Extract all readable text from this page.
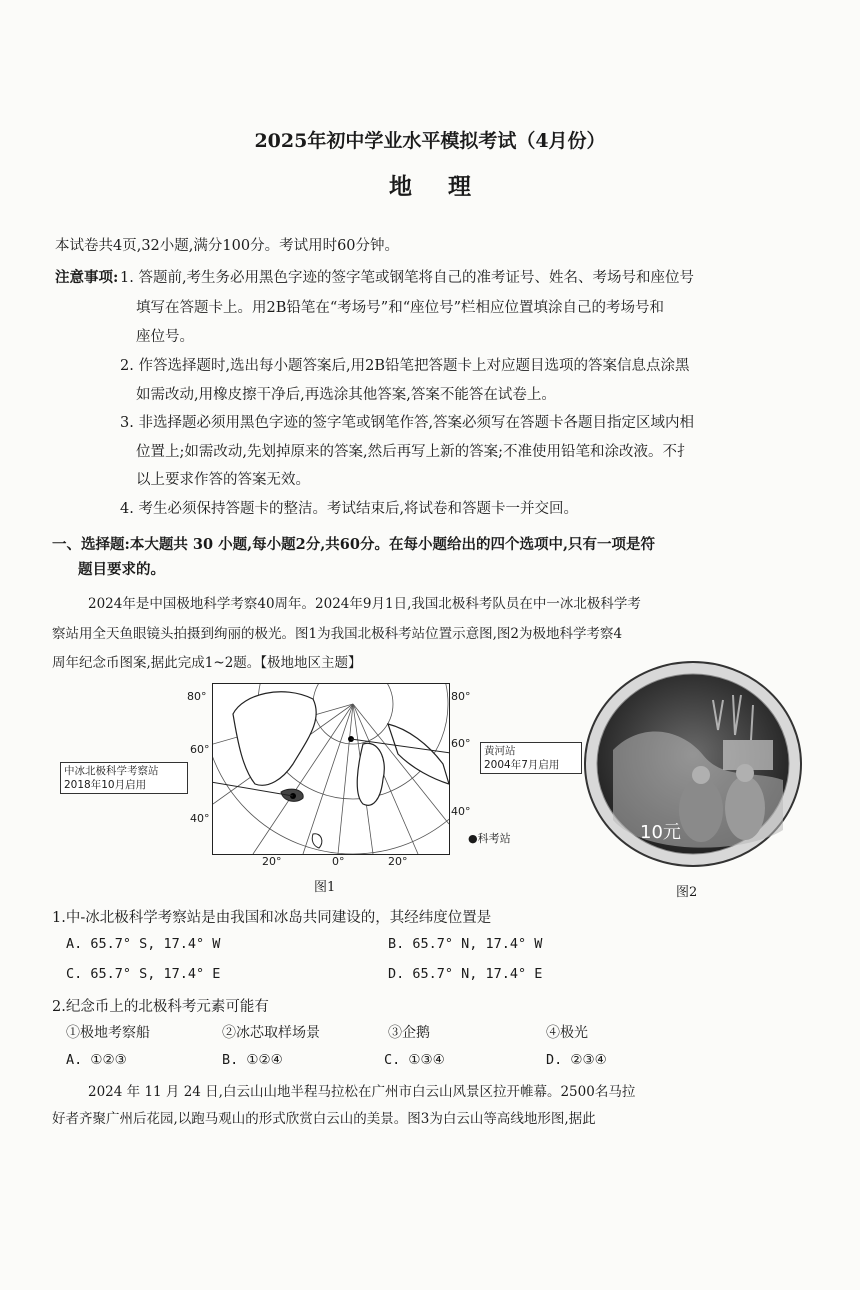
2025年初中学业水平模拟考试（4月份）
地 理
本试卷共4页,32小题,满分100分。考试用时60分钟。
注意事项: 1. 答题前,考生务必用黑色字迹的签字笔或钢笔将自己的准考证号、姓名、考场号和座位号
填写在答题卡上。用2B铅笔在“考场号”和“座位号”栏相应位置填涂自己的考场号和
座位号。
2. 作答选择题时,选出每小题答案后,用2B铅笔把答题卡上对应题目选项的答案信息点涂黑
如需改动,用橡皮擦干净后,再选涂其他答案,答案不能答在试卷上。
3. 非选择题必须用黑色字迹的签字笔或钢笔作答,答案必须写在答题卡各题目指定区域内相
位置上;如需改动,先划掉原来的答案,然后再写上新的答案;不准使用铅笔和涂改液。不扌
以上要求作答的答案无效。
4. 考生必须保持答题卡的整洁。考试结束后,将试卷和答题卡一并交回。
一、选择题:本大题共 30 小题,每小题2分,共60分。在每小题给出的四个选项中,只有一项是符
题目要求的。
2024年是中国极地科学考察40周年。2024年9月1日,我国北极科考队员在中一冰北极科学考
察站用全天鱼眼镜头拍摄到绚丽的极光。图1为我国北极科考站位置示意图,图2为极地科学考察4
周年纪念币图案,据此完成1~2题。【极地地区主题】
80°
60°
40°
80°
60°
40°
20°	0°	20°
中冰北极科学考察站
2018年10月启用
黄河站
2004年7月启用
●科考站
图1
10元
图2
1.中-冰北极科学考察站是由我国和冰岛共同建设的，其经纬度位置是
A. 65.7° S, 17.4° W	B. 65.7° N, 17.4° W
C. 65.7° S, 17.4° E	D. 65.7° N, 17.4° E
2.纪念币上的北极科考元素可能有
①极地考察船	②冰芯取样场景	③企鹅	④极光
A. ①②③	B. ①②④	C. ①③④	D. ②③④
2024 年 11 月 24 日,白云山山地半程马拉松在广州市白云山风景区拉开帷幕。2500名马拉
好者齐聚广州后花园,以跑马观山的形式欣赏白云山的美景。图3为白云山等高线地形图,据此
